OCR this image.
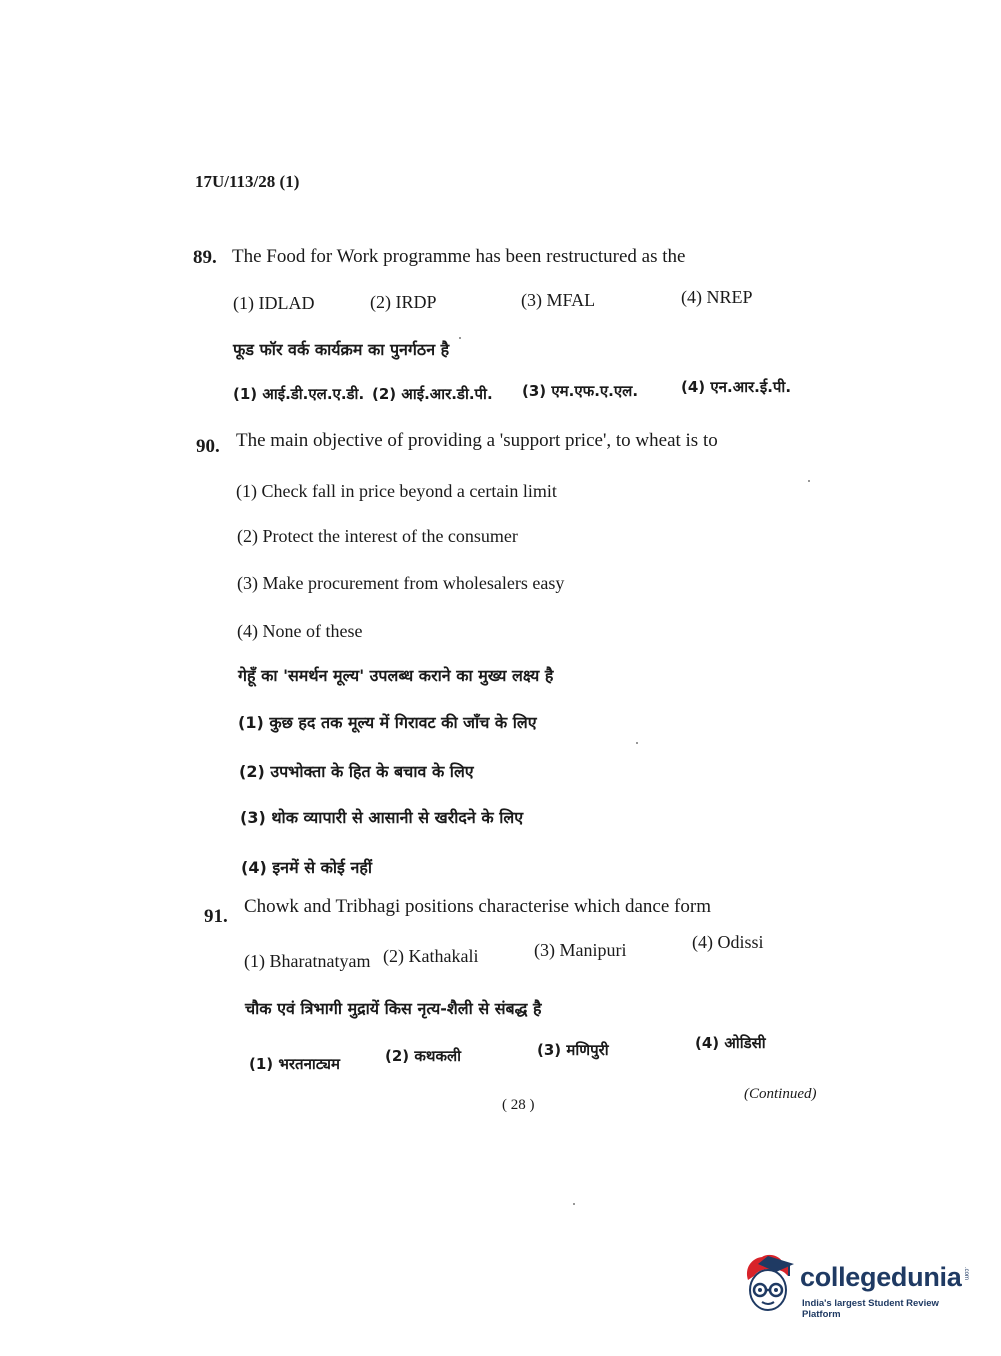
17U/113/28 (1)
89. The Food for Work programme has been restructured as the
(1) IDLAD	(2) IRDP	(3) MFAL	(4) NREP
फूड फॉर वर्क कार्यक्रम का पुनर्गठन है
(1) आई.डी.एल.ए.डी. (2) आई.आर.डी.पी. (3) एम.एफ.ए.एल.	(4) एन.आर.ई.पी.
90. The main objective of providing a 'support price', to wheat is to
(1) Check fall in price beyond a certain limit
(2) Protect the interest of the consumer
(3) Make procurement from wholesalers easy
(4) None of these
गेहूँ का 'समर्थन मूल्य' उपलब्ध कराने का मुख्य लक्ष्य है
(1) कुछ हद तक मूल्य में गिरावट की जाँच के लिए
(2) उपभोक्ता के हित के बचाव के लिए
(3) थोक व्यापारी से आसानी से खरीदने के लिए
(4) इनमें से कोई नहीं
91. Chowk and Tribhagi positions characterise which dance form
(1) Bharatnatyam (2) Kathakali	(3) Manipuri	(4) Odissi
चौक एवं त्रिभागी मुद्रायें किस नृत्य-शैली से संबद्ध है
(1) भरतनाट्यम	(2) कथकली	(3) मणिपुरी	(4) ओडिसी
( 28 )
(Continued)
collegedunia .com
India's largest Student Review Platform
